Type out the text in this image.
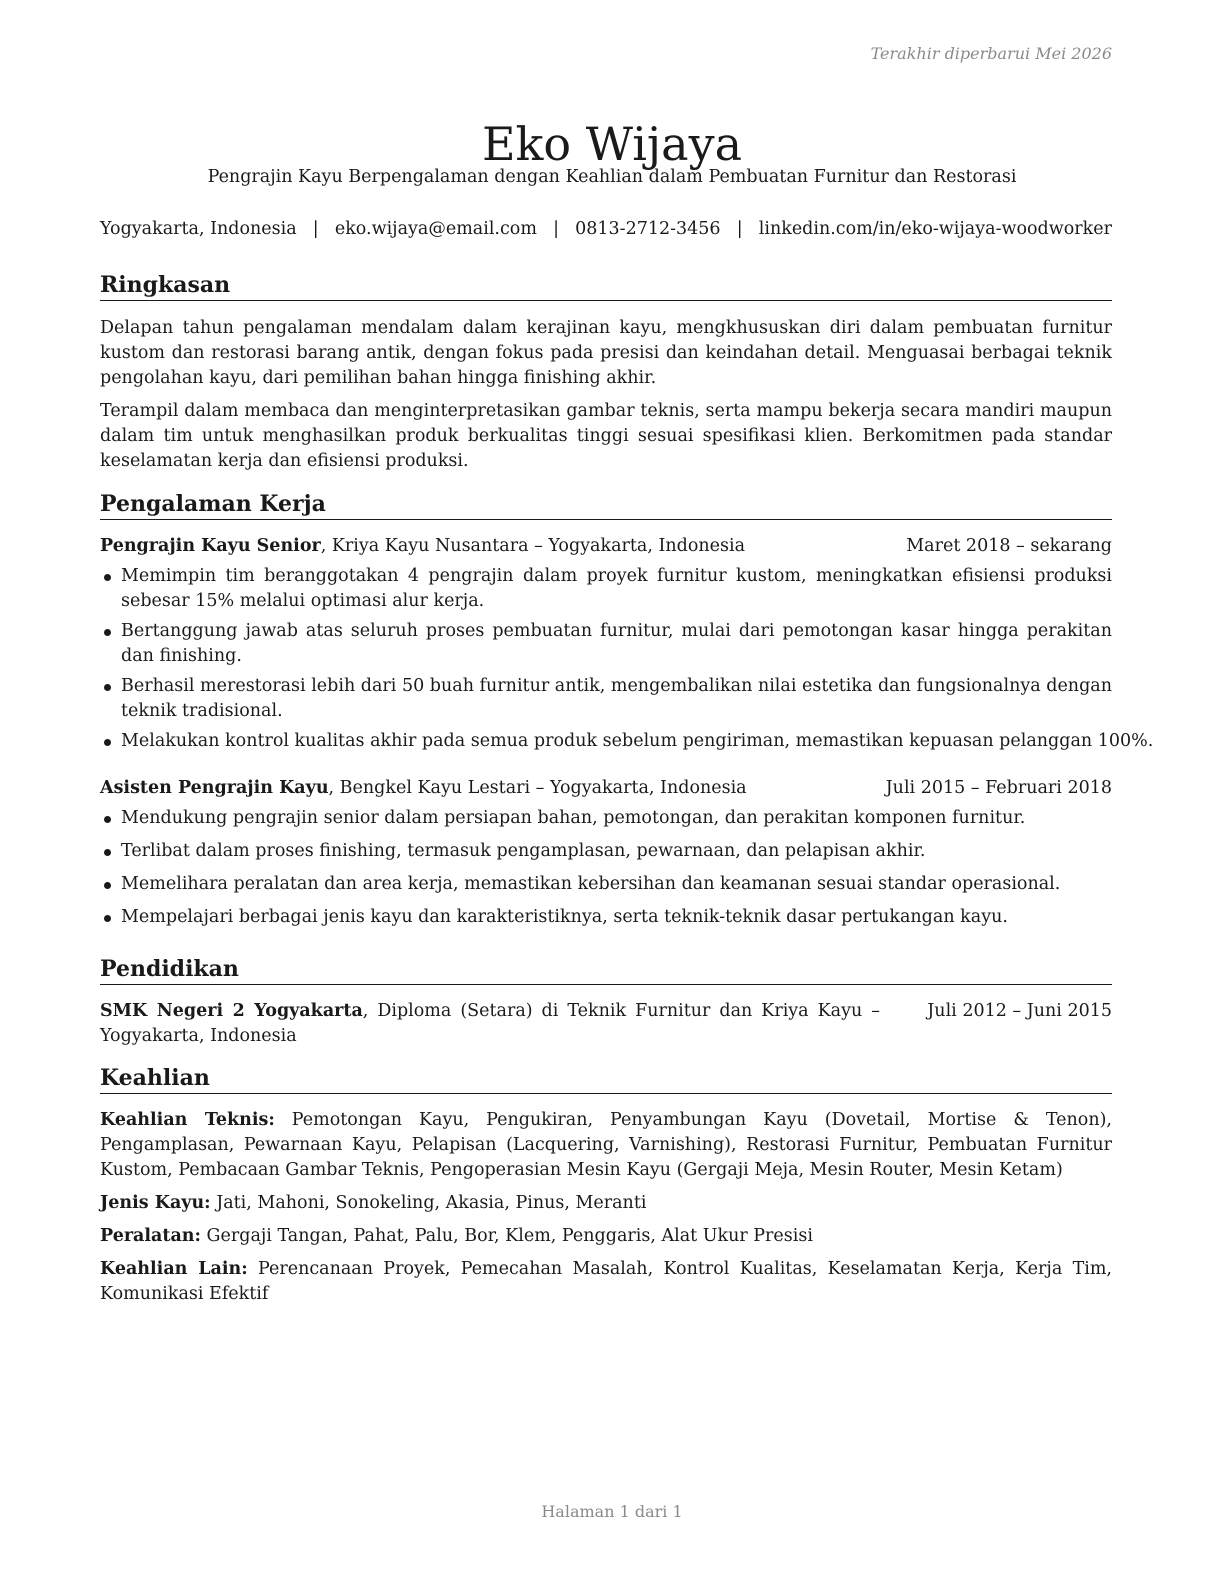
Terakhir diperbarui Mei 2026
Eko Wijaya
Pengrajin Kayu Berpengalaman dengan Keahlian dalam Pembuatan Furnitur dan Restorasi
Yogyakarta, Indonesia | eko.wijaya@email.com | 0813-2712-3456 | linkedin.com/in/eko-wijaya-woodworker
Ringkasan

Delapan tahun pengalaman mendalam dalam kerajinan kayu, mengkhususkan diri dalam pembuatan furnitur kustom dan restorasi barang antik, dengan fokus pada presisi dan keindahan detail. Menguasai berbagai teknik pengolahan kayu, dari pemilihan bahan hingga finishing akhir.

Terampil dalam membaca dan menginterpretasikan gambar teknis, serta mampu bekerja secara mandiri maupun dalam tim untuk menghasilkan produk berkualitas tinggi sesuai spesifikasi klien. Berkomitmen pada standar keselamatan kerja dan efisiensi produksi.

Pengalaman Kerja
Pengrajin Kayu Senior, Kriya Kayu Nusantara – Yogyakarta, Indonesia	Maret 2018 – sekarang
Memimpin tim beranggotakan 4 pengrajin dalam proyek furnitur kustom, meningkatkan efisiensi produksi sebesar 15% melalui optimasi alur kerja.
Bertanggung jawab atas seluruh proses pembuatan furnitur, mulai dari pemotongan kasar hingga perakitan dan finishing.
Berhasil merestorasi lebih dari 50 buah furnitur antik, mengembalikan nilai estetika dan fungsionalnya dengan teknik tradisional.
Melakukan kontrol kualitas akhir pada semua produk sebelum pengiriman, memastikan kepuasan pelanggan 100%.
Asisten Pengrajin Kayu, Bengkel Kayu Lestari – Yogyakarta, Indonesia	Juli 2015 – Februari 2018
Mendukung pengrajin senior dalam persiapan bahan, pemotongan, dan perakitan komponen furnitur.
Terlibat dalam proses finishing, termasuk pengamplasan, pewarnaan, dan pelapisan akhir.
Memelihara peralatan dan area kerja, memastikan kebersihan dan keamanan sesuai standar operasional.
Mempelajari berbagai jenis kayu dan karakteristiknya, serta teknik-teknik dasar pertukangan kayu.
Pendidikan
SMK Negeri 2 Yogyakarta, Diploma (Setara) di Teknik Furnitur dan Kriya Kayu – Yogyakarta, Indonesia
Juli 2012 – Juni 2015
Keahlian

Keahlian Teknis: Pemotongan Kayu, Pengukiran, Penyambungan Kayu (Dovetail, Mortise & Tenon), Pengamplasan, Pewarnaan Kayu, Pelapisan (Lacquering, Varnishing), Restorasi Furnitur, Pembuatan Furnitur Kustom, Pembacaan Gambar Teknis, Pengoperasian Mesin Kayu (Gergaji Meja, Mesin Router, Mesin Ketam)

Jenis Kayu: Jati, Mahoni, Sonokeling, Akasia, Pinus, Meranti

Peralatan: Gergaji Tangan, Pahat, Palu, Bor, Klem, Penggaris, Alat Ukur Presisi

Keahlian Lain: Perencanaan Proyek, Pemecahan Masalah, Kontrol Kualitas, Keselamatan Kerja, Kerja Tim, Komunikasi Efektif

Halaman 1 dari 1
